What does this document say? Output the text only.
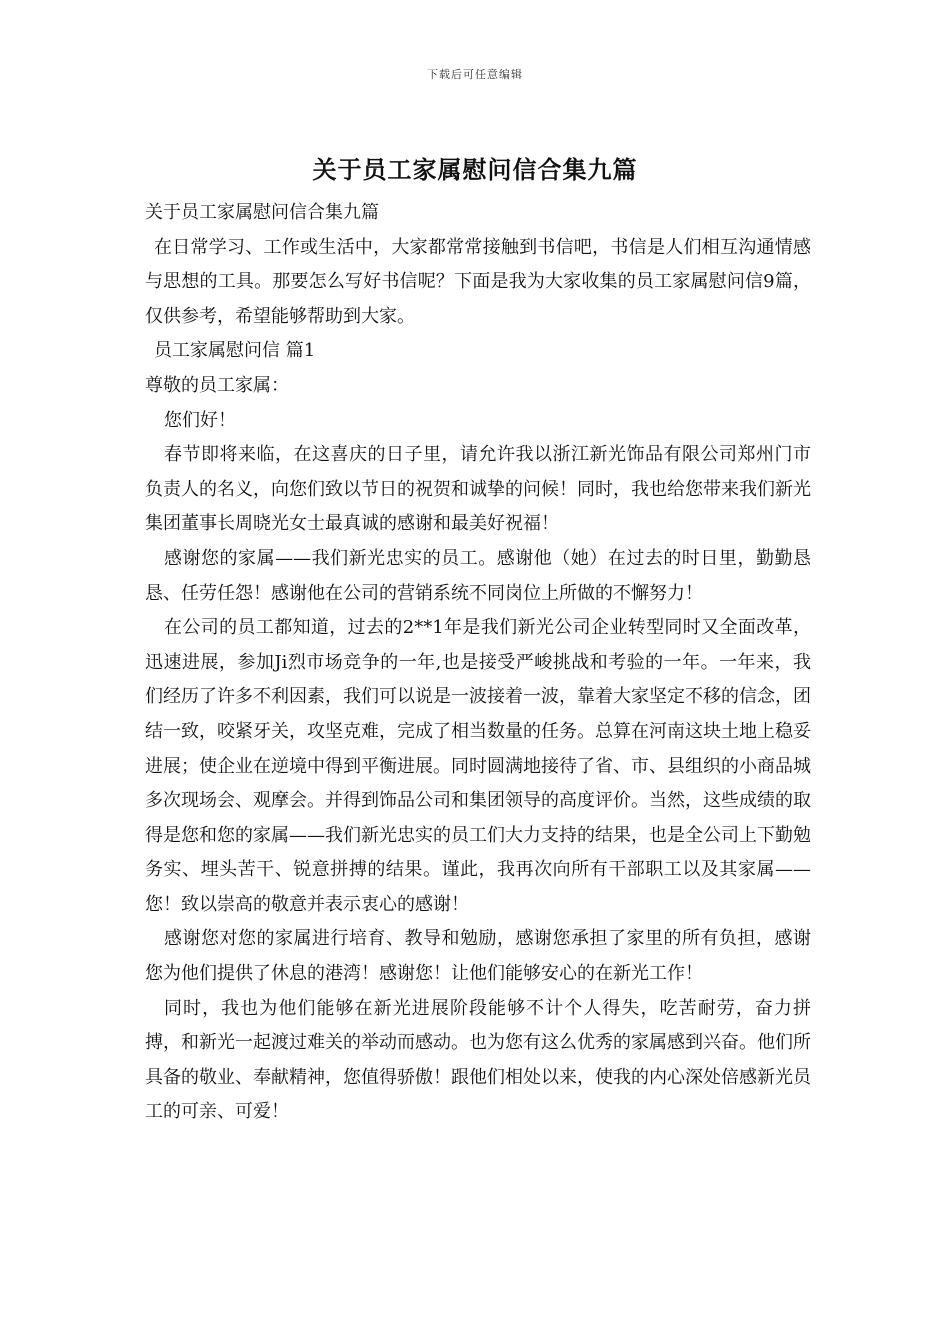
下载后可任意编辑
关于员工家属慰问信合集九篇

关于员工家属慰问信合集九篇

在日常学习、工作或生活中，大家都常常接触到书信吧，书信是人们相互沟通情感与思想的工具。那要怎么写好书信呢？下面是我为大家收集的员工家属慰问信9篇，仅供参考，希望能够帮助到大家。

员工家属慰问信 篇1

尊敬的员工家属：

您们好！

春节即将来临，在这喜庆的日子里，请允许我以浙江新光饰品有限公司郑州门市负责人的名义，向您们致以节日的祝贺和诚挚的问候！同时，我也给您带来我们新光集团董事长周晓光女士最真诚的感谢和最美好祝福！

感谢您的家属——我们新光忠实的员工。感谢他（她）在过去的时日里，勤勤恳恳、任劳任怨！感谢他在公司的营销系统不同岗位上所做的不懈努力！

在公司的员工都知道，过去的2**1年是我们新光公司企业转型同时又全面改革，迅速进展，参加Ji烈市场竞争的一年,也是接受严峻挑战和考验的一年。一年来，我们经历了许多不利因素，我们可以说是一波接着一波，靠着大家坚定不移的信念，团结一致，咬紧牙关，攻坚克难，完成了相当数量的任务。总算在河南这块土地上稳妥进展；使企业在逆境中得到平衡进展。同时圆满地接待了省、市、县组织的小商品城多次现场会、观摩会。并得到饰品公司和集团领导的高度评价。当然，这些成绩的取得是您和您的家属——我们新光忠实的员工们大力支持的结果，也是全公司上下勤勉务实、埋头苦干、锐意拼搏的结果。谨此，我再次向所有干部职工以及其家属——您！致以崇高的敬意并表示衷心的感谢！

感谢您对您的家属进行培育、教导和勉励，感谢您承担了家里的所有负担，感谢您为他们提供了休息的港湾！感谢您！让他们能够安心的在新光工作！

同时，我也为他们能够在新光进展阶段能够不计个人得失，吃苦耐劳，奋力拼搏，和新光一起渡过难关的举动而感动。也为您有这么优秀的家属感到兴奋。他们所具备的敬业、奉献精神，您值得骄傲！跟他们相处以来，使我的内心深处倍感新光员工的可亲、可爱！
